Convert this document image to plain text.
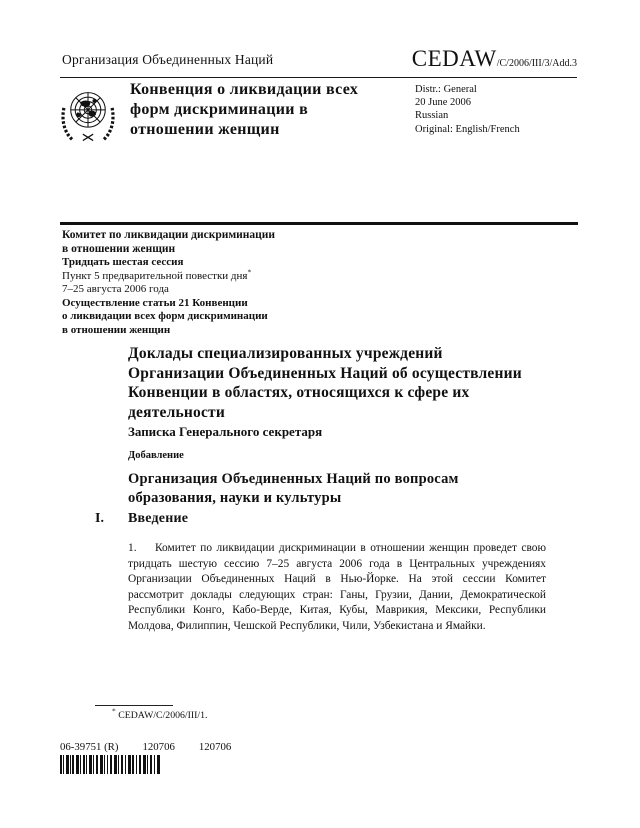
Организация Объединенных Наций	CEDAW/C/2006/III/3/Add.3
Конвенция о ликвидации всех
форм дискриминации в
отношении женщин
Distr.: General
20 June 2006
Russian
Original: English/French
Комитет по ликвидации дискриминации
в отношении женщин
Тридцать шестая сессия
Пункт 5 предварительной повестки дня*
7–25 августа 2006 года
Осуществление статьи 21 Конвенции
о ликвидации всех форм дискриминации
в отношении женщин
Доклады специализированных учреждений
Организации Объединенных Наций об осуществлении
Конвенции в областях, относящихся к сфере их
деятельности
Записка Генерального секретаря
Добавление
Организация Объединенных Наций по вопросам
образования, науки и культуры
I. Введение
1. Комитет по ликвидации дискриминации в отношении женщин проведет свою тридцать шестую сессию 7–25 августа 2006 года в Центральных учреждениях Организации Объединенных Наций в Нью-Йорке. На этой сессии Комитет рассмотрит доклады следующих стран: Ганы, Грузии, Дании, Демократической Республики Конго, Кабо-Верде, Китая, Кубы, Маврикия, Мексики, Республики Молдова, Филиппин, Чешской Республики, Чили, Узбекистана и Ямайки.
* CEDAW/C/2006/III/1.
06-39751 (R) 120706 120706
